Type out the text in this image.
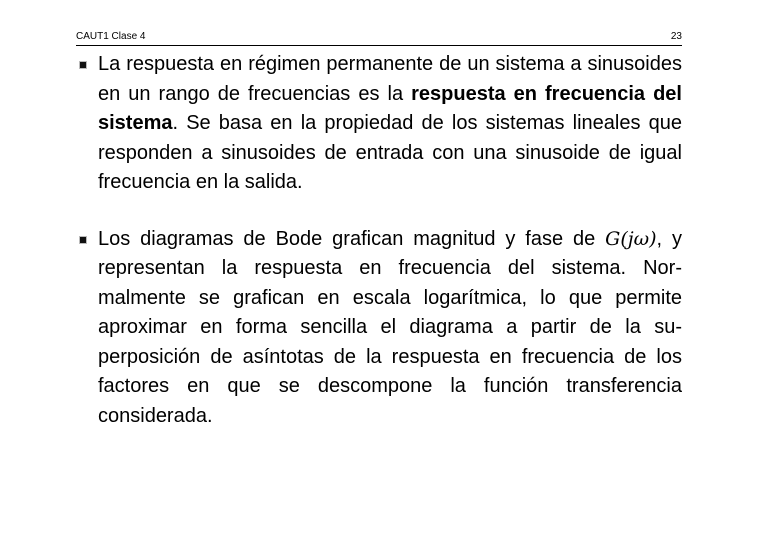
CAUT1 Clase 4	23
La respuesta en régimen permanente de un sistema a sinusoides en un rango de frecuencias es la respuesta en frecuencia del sistema. Se basa en la propiedad de los sistemas lineales que responden a sinusoides de entrada con una sinusoide de igual frecuencia en la salida.
Los diagramas de Bode grafican magnitud y fase de G(jω), y representan la respuesta en frecuencia del sistema. Normalmente se grafican en escala logarítmica, lo que permite aproximar en forma sencilla el diagrama a partir de la superposición de asíntotas de la respuesta en frecuencia de los factores en que se descompone la función transferencia considerada.
